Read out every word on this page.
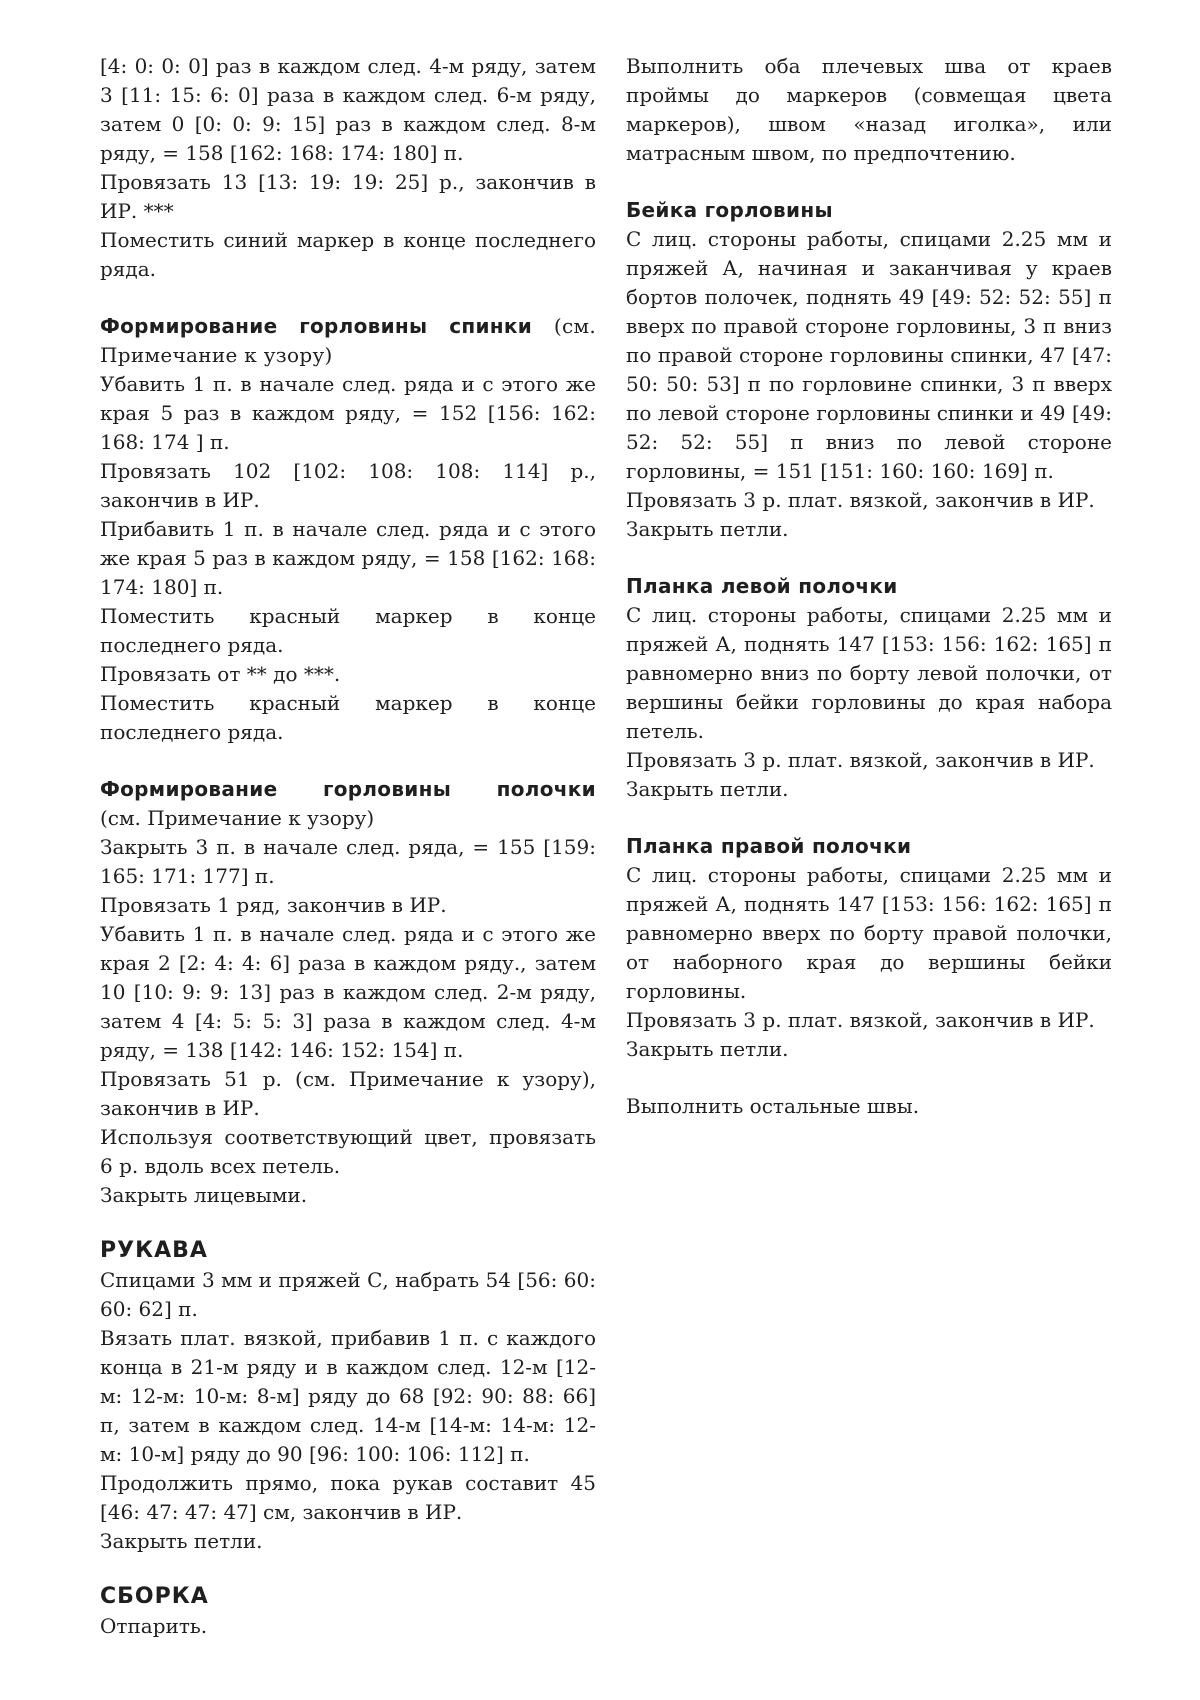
[4: 0: 0: 0] раз в каждом след. 4-м ряду, затем 3 [11: 15: 6: 0] раза в каждом след. 6-м ряду, затем 0 [0: 0: 9: 15] раз в каждом след. 8-м ряду, = 158 [162: 168: 174: 180] п.

Провязать 13 [13: 19: 19: 25] р., закончив в ИР. ***

Поместить синий маркер в конце последнего ряда.

Формирование горловины спинки (см. Примечание к узору)

Убавить 1 п. в начале след. ряда и с этого же края 5 раз в каждом ряду, = 152 [156: 162: 168: 174 ] п.

Провязать 102 [102: 108: 108: 114] р., закончив в ИР.

Прибавить 1 п. в начале след. ряда и с этого же края 5 раз в каждом ряду, = 158 [162: 168: 174: 180] п.

Поместить красный маркер в конце последнего ряда.

Провязать от ** до ***.

Поместить красный маркер в конце последнего ряда.

Формирование горловины полочки

(см. Примечание к узору)

Закрыть 3 п. в начале след. ряда, = 155 [159: 165: 171: 177] п.

Провязать 1 ряд, закончив в ИР.

Убавить 1 п. в начале след. ряда и с этого же края 2 [2: 4: 4: 6] раза в каждом ряду., затем 10 [10: 9: 9: 13] раз в каждом след. 2-м ряду, затем 4 [4: 5: 5: 3] раза в каждом след. 4-м ряду, = 138 [142: 146: 152: 154] п.

Провязать 51 р. (см. Примечание к узору), закончив в ИР.

Используя соответствующий цвет, провязать 6 р. вдоль всех петель.

Закрыть лицевыми.

РУКАВА

Спицами 3 мм и пряжей С, набрать 54 [56: 60: 60: 62] п.

Вязать плат. вязкой, прибавив 1 п. с каждого конца в 21-м ряду и в каждом след. 12-м [12-м: 12-м: 10-м: 8-м] ряду до 68 [92: 90: 88: 66] п, затем в каждом след. 14-м [14-м: 14-м: 12-м: 10-м] ряду до 90 [96: 100: 106: 112] п.

Продолжить прямо, пока рукав составит 45 [46: 47: 47: 47] см, закончив в ИР.

Закрыть петли.

СБОРКА

Отпарить.

Выполнить оба плечевых шва от краев проймы до маркеров (совмещая цвета маркеров), швом «назад иголка», или матрасным швом, по предпочтению.

Бейка горловины

С лиц. стороны работы, спицами 2.25 мм и пряжей А, начиная и заканчивая у краев бортов полочек, поднять 49 [49: 52: 52: 55] п вверх по правой стороне горловины, 3 п вниз по правой стороне горловины спинки, 47 [47: 50: 50: 53] п по горловине спинки, 3 п вверх по левой стороне горловины спинки и 49 [49: 52: 52: 55] п вниз по левой стороне горловины, = 151 [151: 160: 160: 169] п.

Провязать 3 р. плат. вязкой, закончив в ИР.

Закрыть петли.

Планка левой полочки

С лиц. стороны работы, спицами 2.25 мм и пряжей А, поднять 147 [153: 156: 162: 165] п равномерно вниз по борту левой полочки, от вершины бейки горловины до края набора петель.

Провязать 3 р. плат. вязкой, закончив в ИР.

Закрыть петли.

Планка правой полочки

С лиц. стороны работы, спицами 2.25 мм и пряжей А, поднять 147 [153: 156: 162: 165] п равномерно вверх по борту правой полочки, от наборного края до вершины бейки горловины.

Провязать 3 р. плат. вязкой, закончив в ИР.

Закрыть петли.

Выполнить остальные швы.
